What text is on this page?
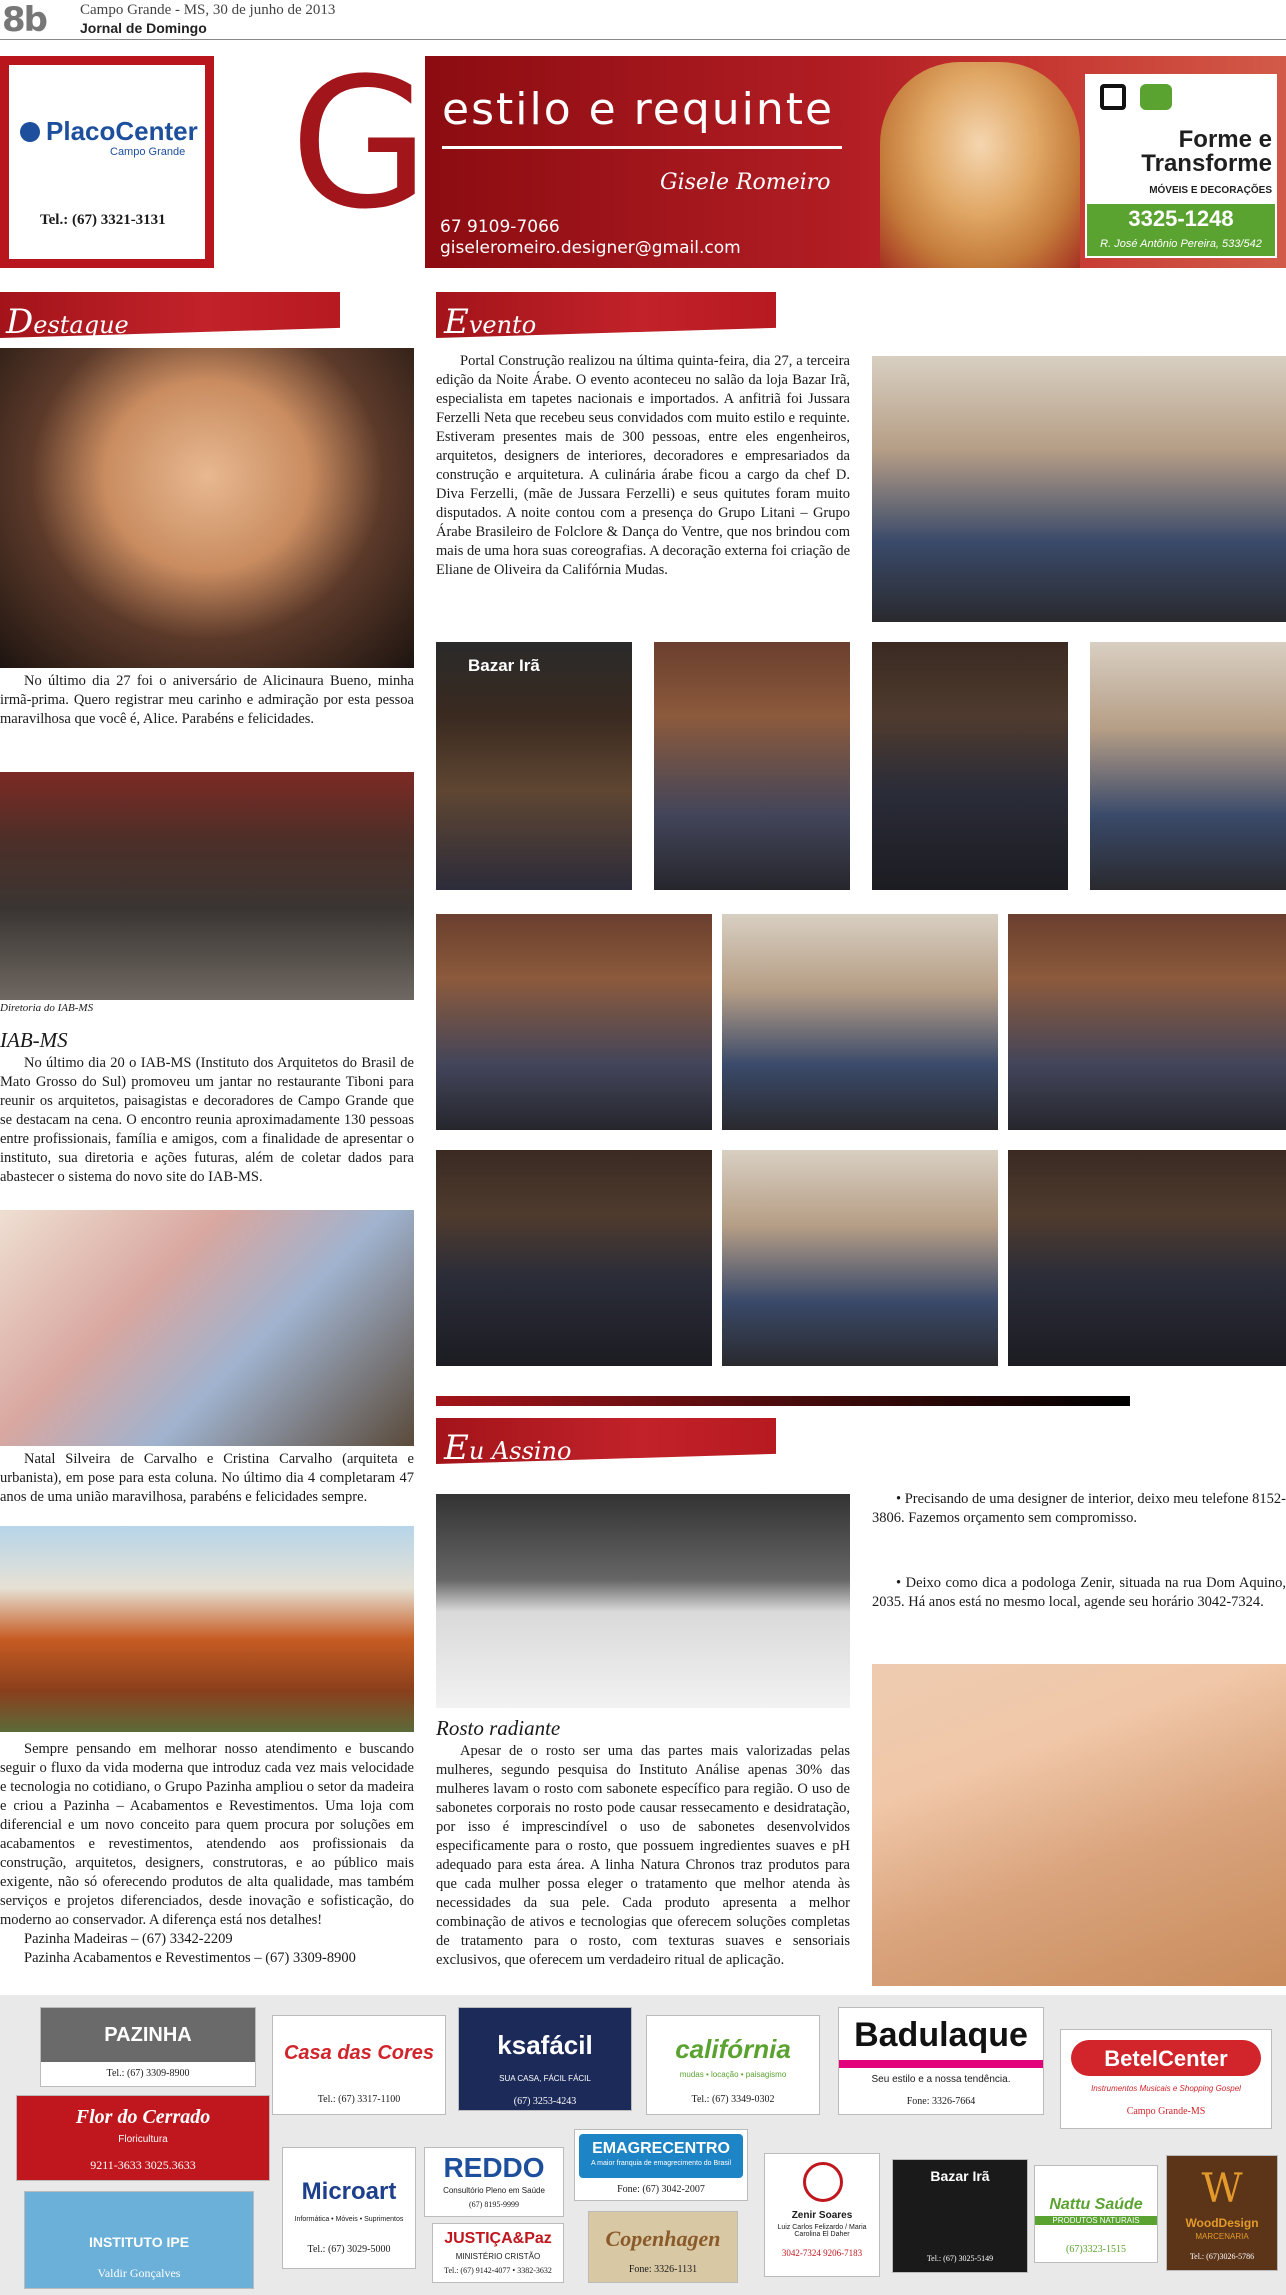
8b Campo Grande - MS, 30 de junho de 2013
Jornal de Domingo
PlacoCenter
Campo Grande
Tel.: (67) 3321-3131 G estilo e requinte
Gisele Romeiro
67 9109-7066
giseleromeiro.designer@gmail.com
Forme e
Transforme
MÓVEIS E DECORAÇÕES
3325-1248
R. José Antônio Pereira, 533/542
Destaque

No último dia 27 foi o aniversário de Alicinaura Bueno, minha irmã-prima. Quero registrar meu carinho e admiração por esta pessoa maravilhosa que você é, Alice. Parabéns e felicidades.

Diretoria do IAB-MS
IAB-MS

No último dia 20 o IAB-MS (Instituto dos Arquitetos do Brasil de Mato Grosso do Sul) promoveu um jantar no restaurante Tiboni para reunir os arquitetos, paisagistas e decoradores de Campo Grande que se destacam na cena. O encontro reunia aproximadamente 130 pessoas entre profissionais, família e amigos, com a finalidade de apresentar o instituto, sua diretoria e ações futuras, além de coletar dados para abastecer o sistema do novo site do IAB-MS.

Natal Silveira de Carvalho e Cristina Carvalho (arquiteta e urbanista), em pose para esta coluna. No último dia 4 completaram 47 anos de uma união maravilhosa, parabéns e felicidades sempre.

Sempre pensando em melhorar nosso atendimento e buscando seguir o fluxo da vida moderna que introduz cada vez mais velocidade e tecnologia no cotidiano, o Grupo Pazinha ampliou o setor da madeira e criou a Pazinha – Acabamentos e Revestimentos. Uma loja com diferencial e um novo conceito para quem procura por soluções em acabamentos e revestimentos, atendendo aos profissionais da construção, arquitetos, designers, construtoras, e ao público mais exigente, não só oferecendo produtos de alta qualidade, mas também serviços e projetos diferenciados, desde inovação e sofisticação, do moderno ao conservador. A diferença está nos detalhes!

Pazinha Madeiras – (67) 3342-2209

Pazinha Acabamentos e Revestimentos – (67) 3309-8900

Evento

Portal Construção realizou na última quinta-feira, dia 27, a terceira edição da Noite Árabe. O evento aconteceu no salão da loja Bazar Irã, especialista em tapetes nacionais e importados. A anfitriã foi Jussara Ferzelli Neta que recebeu seus convidados com muito estilo e requinte. Estiveram presentes mais de 300 pessoas, entre eles engenheiros, arquitetos, designers de interiores, decoradores e empresariados da construção e arquitetura. A culinária árabe ficou a cargo da chef D. Diva Ferzelli, (mãe de Jussara Ferzelli) e seus quitutes foram muito disputados. A noite contou com a presença do Grupo Litani – Grupo Árabe Brasileiro de Folclore & Dança do Ventre, que nos brindou com mais de uma hora suas coreografias. A decoração externa foi criação de Eliane de Oliveira da Califórnia Mudas.

Bazar Irã
Eu Assino
Rosto radiante

Apesar de o rosto ser uma das partes mais valorizadas pelas mulheres, segundo pesquisa do Instituto Análise apenas 30% das mulheres lavam o rosto com sabonete específico para região. O uso de sabonetes corporais no rosto pode causar ressecamento e desidratação, por isso é imprescindível o uso de sabonetes desenvolvidos especificamente para o rosto, que possuem ingredientes suaves e pH adequado para esta área. A linha Natura Chronos traz produtos para que cada mulher possa eleger o tratamento que melhor atenda às necessidades da sua pele. Cada produto apresenta a melhor combinação de ativos e tecnologias que oferecem soluções completas de tratamento para o rosto, com texturas suaves e sensoriais exclusivos, que oferecem um verdadeiro ritual de aplicação.

• Precisando de uma designer de interior, deixo meu telefone 8152-3806. Fazemos orçamento sem compromisso.

• Deixo como dica a podologa Zenir, situada na rua Dom Aquino, 2035. Há anos está no mesmo local, agende seu horário 3042-7324.

PAZINHA
Tel.: (67) 3309-8900
Casa das Cores
Tel.: (67) 3317-1100
ksafácil
SUA CASA, FÁCIL FÁCIL
(67) 3253-4243
califórnia
mudas • locação • paisagismo
Tel.: (67) 3349-0302
Badulaque
Seu estilo e a nossa tendência.
Fone: 3326-7664
BetelCenter
Instrumentos Musicais e Shopping Gospel
Campo Grande-MS
Flor do Cerrado
Floricultura
9211-3633 3025.3633
INSTITUTO IPE
Valdir Gonçalves
Microart
Informática • Móveis • Suprimentos
Tel.: (67) 3029-5000
REDDO
Consultório Pleno em Saúde
(67) 8195-9999
JUSTIÇA&Paz
MINISTÉRIO CRISTÃO
Tel.: (67) 9142-4077 • 3382-3632
EMAGRECENTRO
A maior franquia de emagrecimento do Brasil
Fone: (67) 3042-2007
Copenhagen
Fone: 3326-1131
Zenir Soares
Luiz Carlos Felizardo / Maria Carolina El Daher
3042-7324 9206-7183
Bazar Irã
Tel.: (67) 3025-5149
Nattu Saúde
PRODUTOS NATURAIS
(67)3323-1515
W
WoodDesign
MARCENARIA
Tel.: (67)3026-5786
